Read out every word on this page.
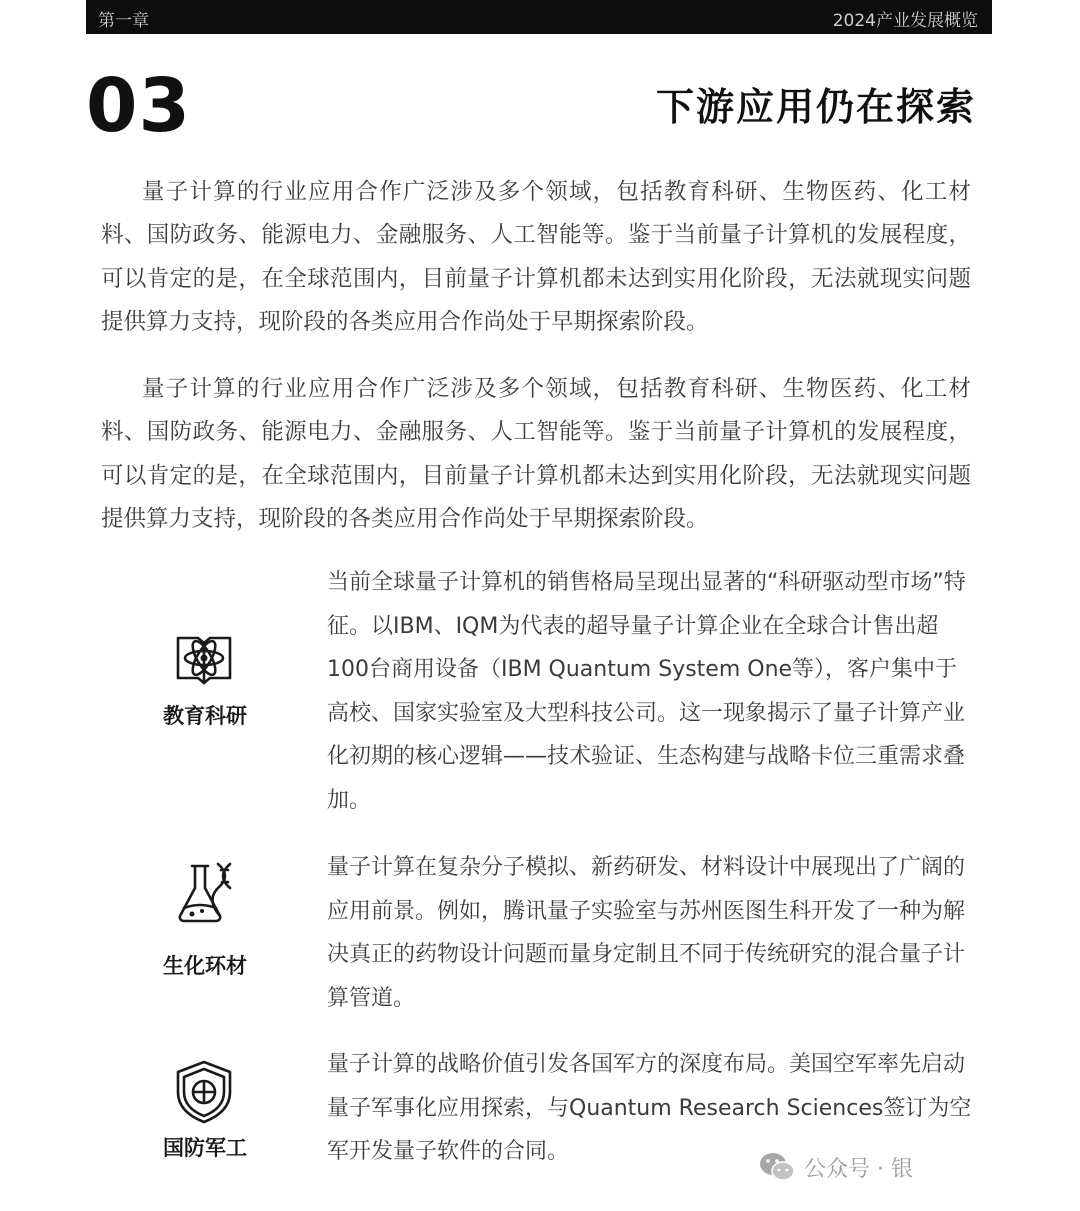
第一章	2024产业发展概览
03	下游应用仍在探索

量子计算的行业应用合作广泛涉及多个领域，包括教育科研、生物医药、化工材料、国防政务、能源电力、金融服务、人工智能等。鉴于当前量子计算机的发展程度，可以肯定的是，在全球范围内，目前量子计算机都未达到实用化阶段，无法就现实问题提供算力支持，现阶段的各类应用合作尚处于早期探索阶段。

量子计算的行业应用合作广泛涉及多个领域，包括教育科研、生物医药、化工材料、国防政务、能源电力、金融服务、人工智能等。鉴于当前量子计算机的发展程度，可以肯定的是，在全球范围内，目前量子计算机都未达到实用化阶段，无法就现实问题提供算力支持，现阶段的各类应用合作尚处于早期探索阶段。

教育科研

当前全球量子计算机的销售格局呈现出显著的“科研驱动型市场”特征。以IBM、IQM为代表的超导量子计算企业在全球合计售出超100台商用设备（IBM Quantum System One等），客户集中于高校、国家实验室及大型科技公司。这一现象揭示了量子计算产业化初期的核心逻辑——技术验证、生态构建与战略卡位三重需求叠加。

生化环材

量子计算在复杂分子模拟、新药研发、材料设计中展现出了广阔的应用前景。例如，腾讯量子实验室与苏州医图生科开发了一种为解决真正的药物设计问题而量身定制且不同于传统研究的混合量子计算管道。

国防军工

量子计算的战略价值引发各国军方的深度布局。美国空军率先启动量子军事化应用探索，与Quantum Research Sciences签订为空军开发量子软件的合同。

公众号 · 银
